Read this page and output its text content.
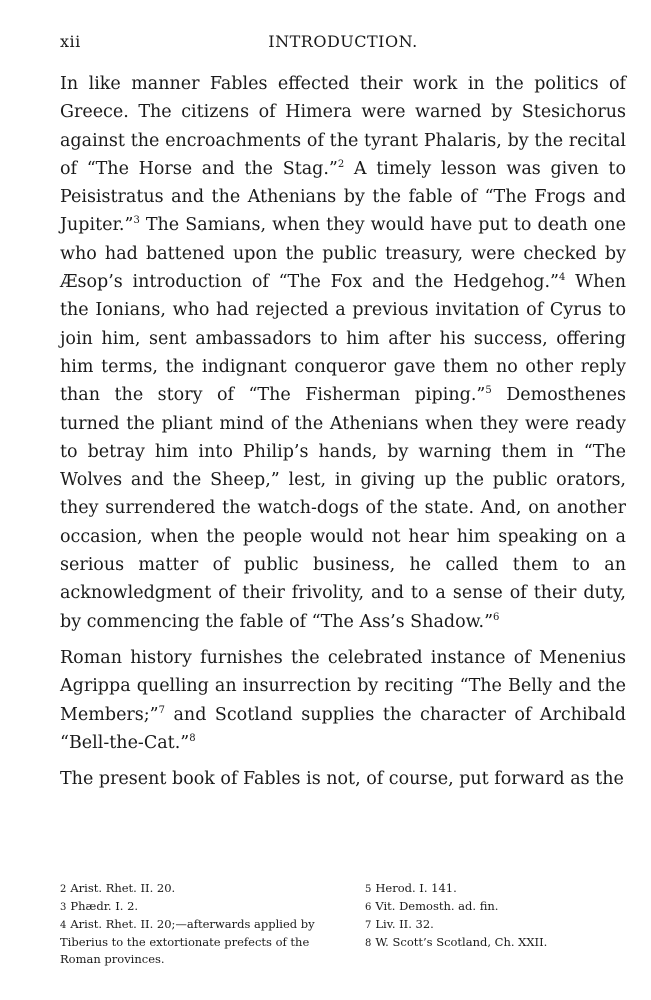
xii	INTRODUCTION.

In like manner Fables effected their work in the politics of Greece. The citizens of Himera were warned by Stesichorus against the encroachments of the tyrant Phalaris, by the recital of “The Horse and the Stag.”$^2$ A timely lesson was given to Peisistratus and the Athenians by the fable of “The Frogs and Jupiter.”$^3$ The Samians, when they would have put to death one who had battened upon the public treasury, were checked by Æsop’s introduction of “The Fox and the Hedgehog.”$^4$ When the Ionians, who had rejected a previous invitation of Cyrus to join him, sent ambassadors to him after his success, offering him terms, the indignant conqueror gave them no other reply than the story of “The Fisherman piping.”$^5$ Demosthenes turned the pliant mind of the Athenians when they were ready to betray him into Philip’s hands, by warning them in “The Wolves and the Sheep,” lest, in giving up the public orators, they surrendered the watch-dogs of the state. And, on another occasion, when the people would not hear him speaking on a serious matter of public business, he called them to an acknowledgment of their frivolity, and to a sense of their duty, by commencing the fable of “The Ass’s Shadow.”$^6$

Roman history furnishes the celebrated instance of Menenius Agrippa quelling an insurrection by reciting “The Belly and the Members;”$^7$ and Scotland supplies the character of Archibald “Bell-the-Cat.”$^8$

The present book of Fables is not, of course, put forward as the

2 Arist. Rhet. II. 20.

3 Phædr. I. 2.

4 Arist. Rhet. II. 20;—afterwards applied by Tiberius to the extortionate prefects of the Roman provinces.

5 Herod. I. 141.

6 Vit. Demosth. ad. fin.

7 Liv. II. 32.

8 W. Scott’s Scotland, Ch. XXII.
